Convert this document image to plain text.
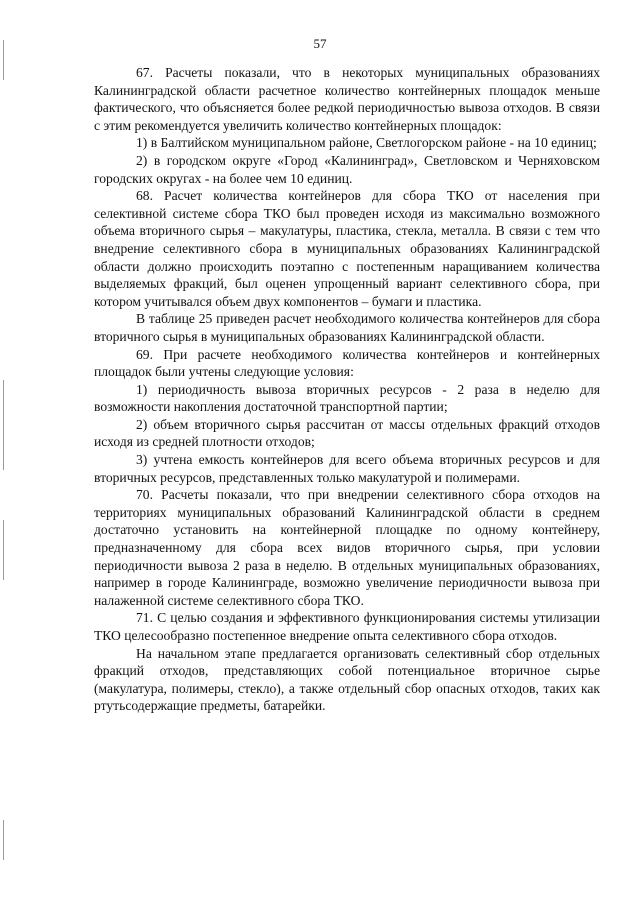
57

67. Расчеты показали, что в некоторых муниципальных образованиях Калининградской области расчетное количество контейнерных площадок меньше фактического, что объясняется более редкой периодичностью вывоза отходов. В связи с этим рекомендуется увеличить количество контейнерных площадок:

1) в Балтийском муниципальном районе, Светлогорском районе - на 10 единиц;

2) в городском округе «Город «Калининград», Светловском и Черняховском городских округах - на более чем 10 единиц.

68. Расчет количества контейнеров для сбора ТКО от населения при селективной системе сбора ТКО был проведен исходя из максимально возможного объема вторичного сырья – макулатуры, пластика, стекла, металла. В связи с тем что внедрение селективного сбора в муниципальных образованиях Калининградской области должно происходить поэтапно с постепенным наращиванием количества выделяемых фракций, был оценен упрощенный вариант селективного сбора, при котором учитывался объем двух компонентов – бумаги и пластика.

В таблице 25 приведен расчет необходимого количества контейнеров для сбора вторичного сырья в муниципальных образованиях Калининградской области.

69. При расчете необходимого количества контейнеров и контейнерных площадок были учтены следующие условия:

1) периодичность вывоза вторичных ресурсов - 2 раза в неделю для возможности накопления достаточной транспортной партии;

2) объем вторичного сырья рассчитан от массы отдельных фракций отходов исходя из средней плотности отходов;

3) учтена емкость контейнеров для всего объема вторичных ресурсов и для вторичных ресурсов, представленных только макулатурой и полимерами.

70. Расчеты показали, что при внедрении селективного сбора отходов на территориях муниципальных образований Калининградской области в среднем достаточно установить на контейнерной площадке по одному контейнеру, предназначенному для сбора всех видов вторичного сырья, при условии периодичности вывоза 2 раза в неделю. В отдельных муниципальных образованиях, например в городе Калининграде, возможно увеличение периодичности вывоза при налаженной системе селективного сбора ТКО.

71. С целью создания и эффективного функционирования системы утилизации ТКО целесообразно постепенное внедрение опыта селективного сбора отходов.

На начальном этапе предлагается организовать селективный сбор отдельных фракций отходов, представляющих собой потенциальное вторичное сырье (макулатура, полимеры, стекло), а также отдельный сбор опасных отходов, таких как ртутьсодержащие предметы, батарейки.
